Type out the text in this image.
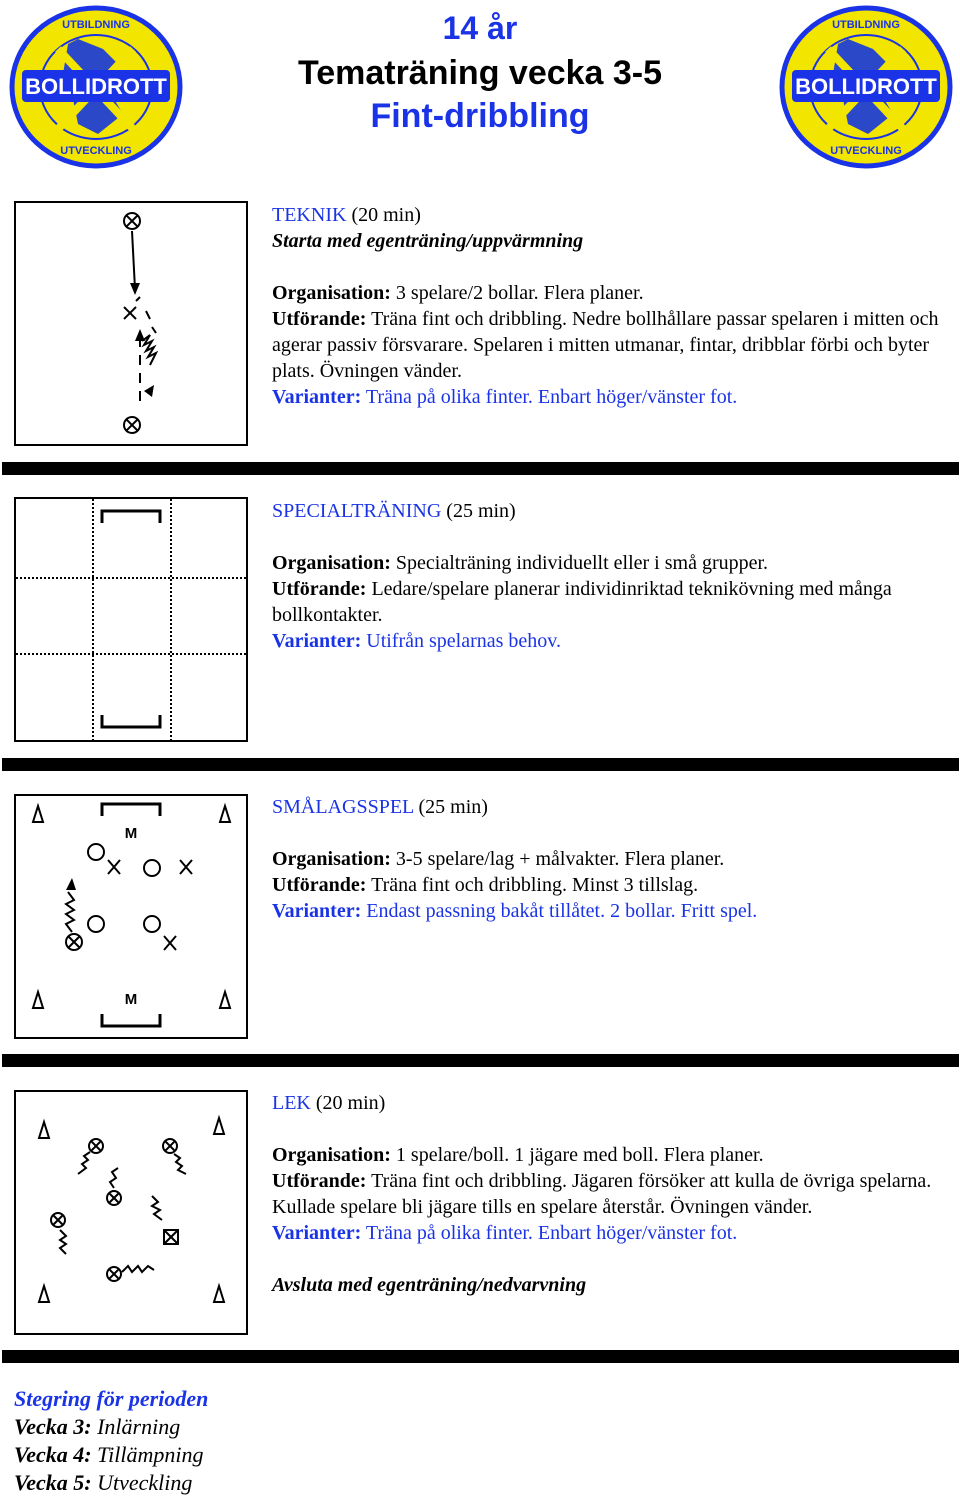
14 år
Tematräning vecka 3-5
Fint-dribbling
BOLLIDROTT
UTBILDNING
UTVECKLING
BOLLIDROTT
UTBILDNING
UTVECKLING
TEKNIK (20 min)
Starta med egenträning/uppvärmning
Organisation: 3 spelare/2 bollar. Flera planer.
Utförande: Träna fint och dribbling. Nedre bollhållare passar spelaren i mitten och agerar passiv försvarare. Spelaren i mitten utmanar, fintar, dribblar förbi och byter plats. Övningen vänder.
Varianter: Träna på olika finter. Enbart höger/vänster fot.
SPECIALTRÄNING (25 min)
Organisation: Specialträning individuellt eller i små grupper.
Utförande: Ledare/spelare planerar individinriktad teknikövning med många bollkontakter.
Varianter: Utifrån spelarnas behov.
M
M
SMÅLAGSSPEL (25 min)
Organisation: 3-5 spelare/lag + målvakter. Flera planer.
Utförande: Träna fint och dribbling. Minst 3 tillslag.
Varianter: Endast passning bakåt tillåtet. 2 bollar. Fritt spel.
LEK (20 min)
Organisation: 1 spelare/boll. 1 jägare med boll. Flera planer.
Utförande: Träna fint och dribbling. Jägaren försöker att kulla de övriga spelarna. Kullade spelare bli jägare tills en spelare återstår. Övningen vänder.
Varianter: Träna på olika finter. Enbart höger/vänster fot.
Avsluta med egenträning/nedvarvning
Stegring för perioden
Vecka 3: Inlärning
Vecka 4: Tillämpning
Vecka 5: Utveckling
